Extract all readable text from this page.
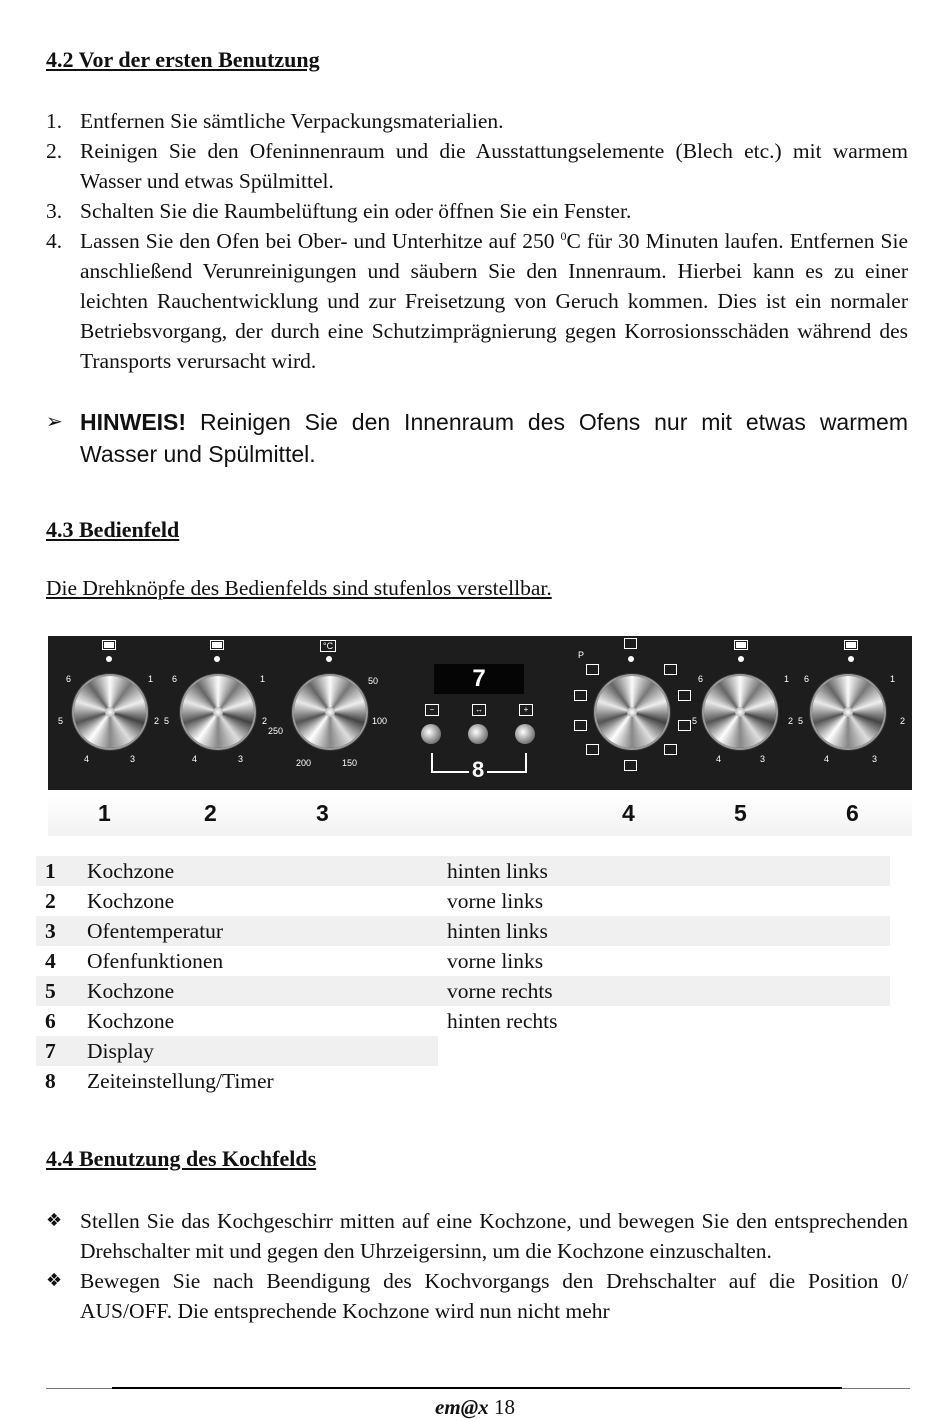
4.2 Vor der ersten Benutzung
1. Entfernen Sie sämtliche Verpackungsmaterialien.
2. Reinigen Sie den Ofeninnenraum und die Ausstattungselemente (Blech etc.) mit warmem Wasser und etwas Spülmittel.
3. Schalten Sie die Raumbelüftung ein oder öffnen Sie ein Fenster.
4. Lassen Sie den Ofen bei Ober- und Unterhitze auf 250 $^0$C für 30 Minuten laufen. Entfernen Sie anschließend Verunreinigungen und säubern Sie den Innenraum. Hierbei kann es zu einer leichten Rauchentwicklung und zur Freisetzung von Geruch kommen. Dies ist ein normaler Betriebsvorgang, der durch eine Schutzimprägnierung gegen Korrosionsschäden während des Transports verursacht wird.
➢ HINWEIS! Reinigen Sie den Innenraum des Ofens nur mit etwas warmem Wasser und Spülmittel.
4.3 Bedienfeld
Die Drehknöpfe des Bedienfelds sind stufenlos verstellbar.
6	1
5	2
4	3
6	1
5	2
4	3
°C
50
100
150
200
250
7
−	↔	+
8
P
6	1
5	2
4	3
6	1
5	2
4	3
1	2	3	4	5	6
1 Kochzone	hinten links
2 Kochzone	vorne links
3 Ofentemperatur	hinten links
4 Ofenfunktionen	vorne links
5 Kochzone	vorne rechts
6 Kochzone	hinten rechts
7 Display
8 Zeiteinstellung/Timer
4.4 Benutzung des Kochfelds
❖ Stellen Sie das Kochgeschirr mitten auf eine Kochzone, und bewegen Sie den entsprechenden Drehschalter mit und gegen den Uhrzeigersinn, um die Kochzone einzuschalten.
❖ Bewegen Sie nach Beendigung des Kochvorgangs den Drehschalter auf die Position 0/ AUS/OFF. Die entsprechende Kochzone wird nun nicht mehr
em@x 18
